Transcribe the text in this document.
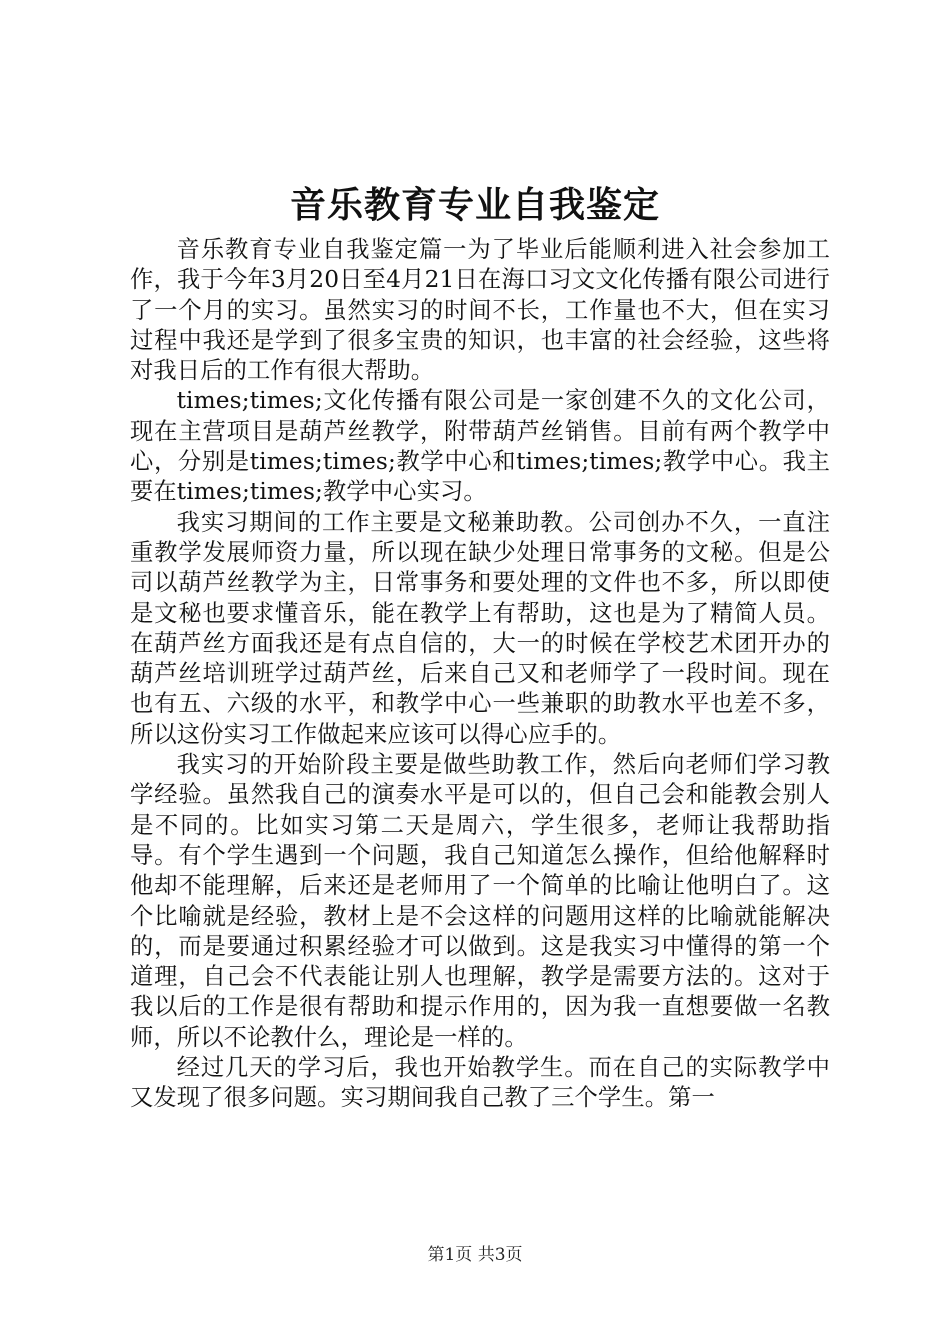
音乐教育专业自我鉴定

音乐教育专业自我鉴定篇一为了毕业后能顺利进入社会参加工作，我于今年3月20日至4月21日在海口习文文化传播有限公司进行了一个月的实习。虽然实习的时间不长，工作量也不大，但在实习过程中我还是学到了很多宝贵的知识，也丰富的社会经验，这些将对我日后的工作有很大帮助。

times;times;文化传播有限公司是一家创建不久的文化公司，现在主营项目是葫芦丝教学，附带葫芦丝销售。目前有两个教学中心，分别是times;times;教学中心和times;times;教学中心。我主要在times;times;教学中心实习。

我实习期间的工作主要是文秘兼助教。公司创办不久，一直注重教学发展师资力量，所以现在缺少处理日常事务的文秘。但是公司以葫芦丝教学为主，日常事务和要处理的文件也不多，所以即使是文秘也要求懂音乐，能在教学上有帮助，这也是为了精简人员。在葫芦丝方面我还是有点自信的，大一的时候在学校艺术团开办的葫芦丝培训班学过葫芦丝，后来自己又和老师学了一段时间。现在也有五、六级的水平，和教学中心一些兼职的助教水平也差不多，所以这份实习工作做起来应该可以得心应手的。

我实习的开始阶段主要是做些助教工作，然后向老师们学习教学经验。虽然我自己的演奏水平是可以的，但自己会和能教会别人是不同的。比如实习第二天是周六，学生很多，老师让我帮助指导。有个学生遇到一个问题，我自己知道怎么操作，但给他解释时他却不能理解，后来还是老师用了一个简单的比喻让他明白了。这个比喻就是经验，教材上是不会这样的问题用这样的比喻就能解决的，而是要通过积累经验才可以做到。这是我实习中懂得的第一个道理，自己会不代表能让别人也理解，教学是需要方法的。这对于我以后的工作是很有帮助和提示作用的，因为我一直想要做一名教师，所以不论教什么，理论是一样的。

经过几天的学习后，我也开始教学生。而在自己的实际教学中又发现了很多问题。实习期间我自己教了三个学生。第一

第1页 共3页
